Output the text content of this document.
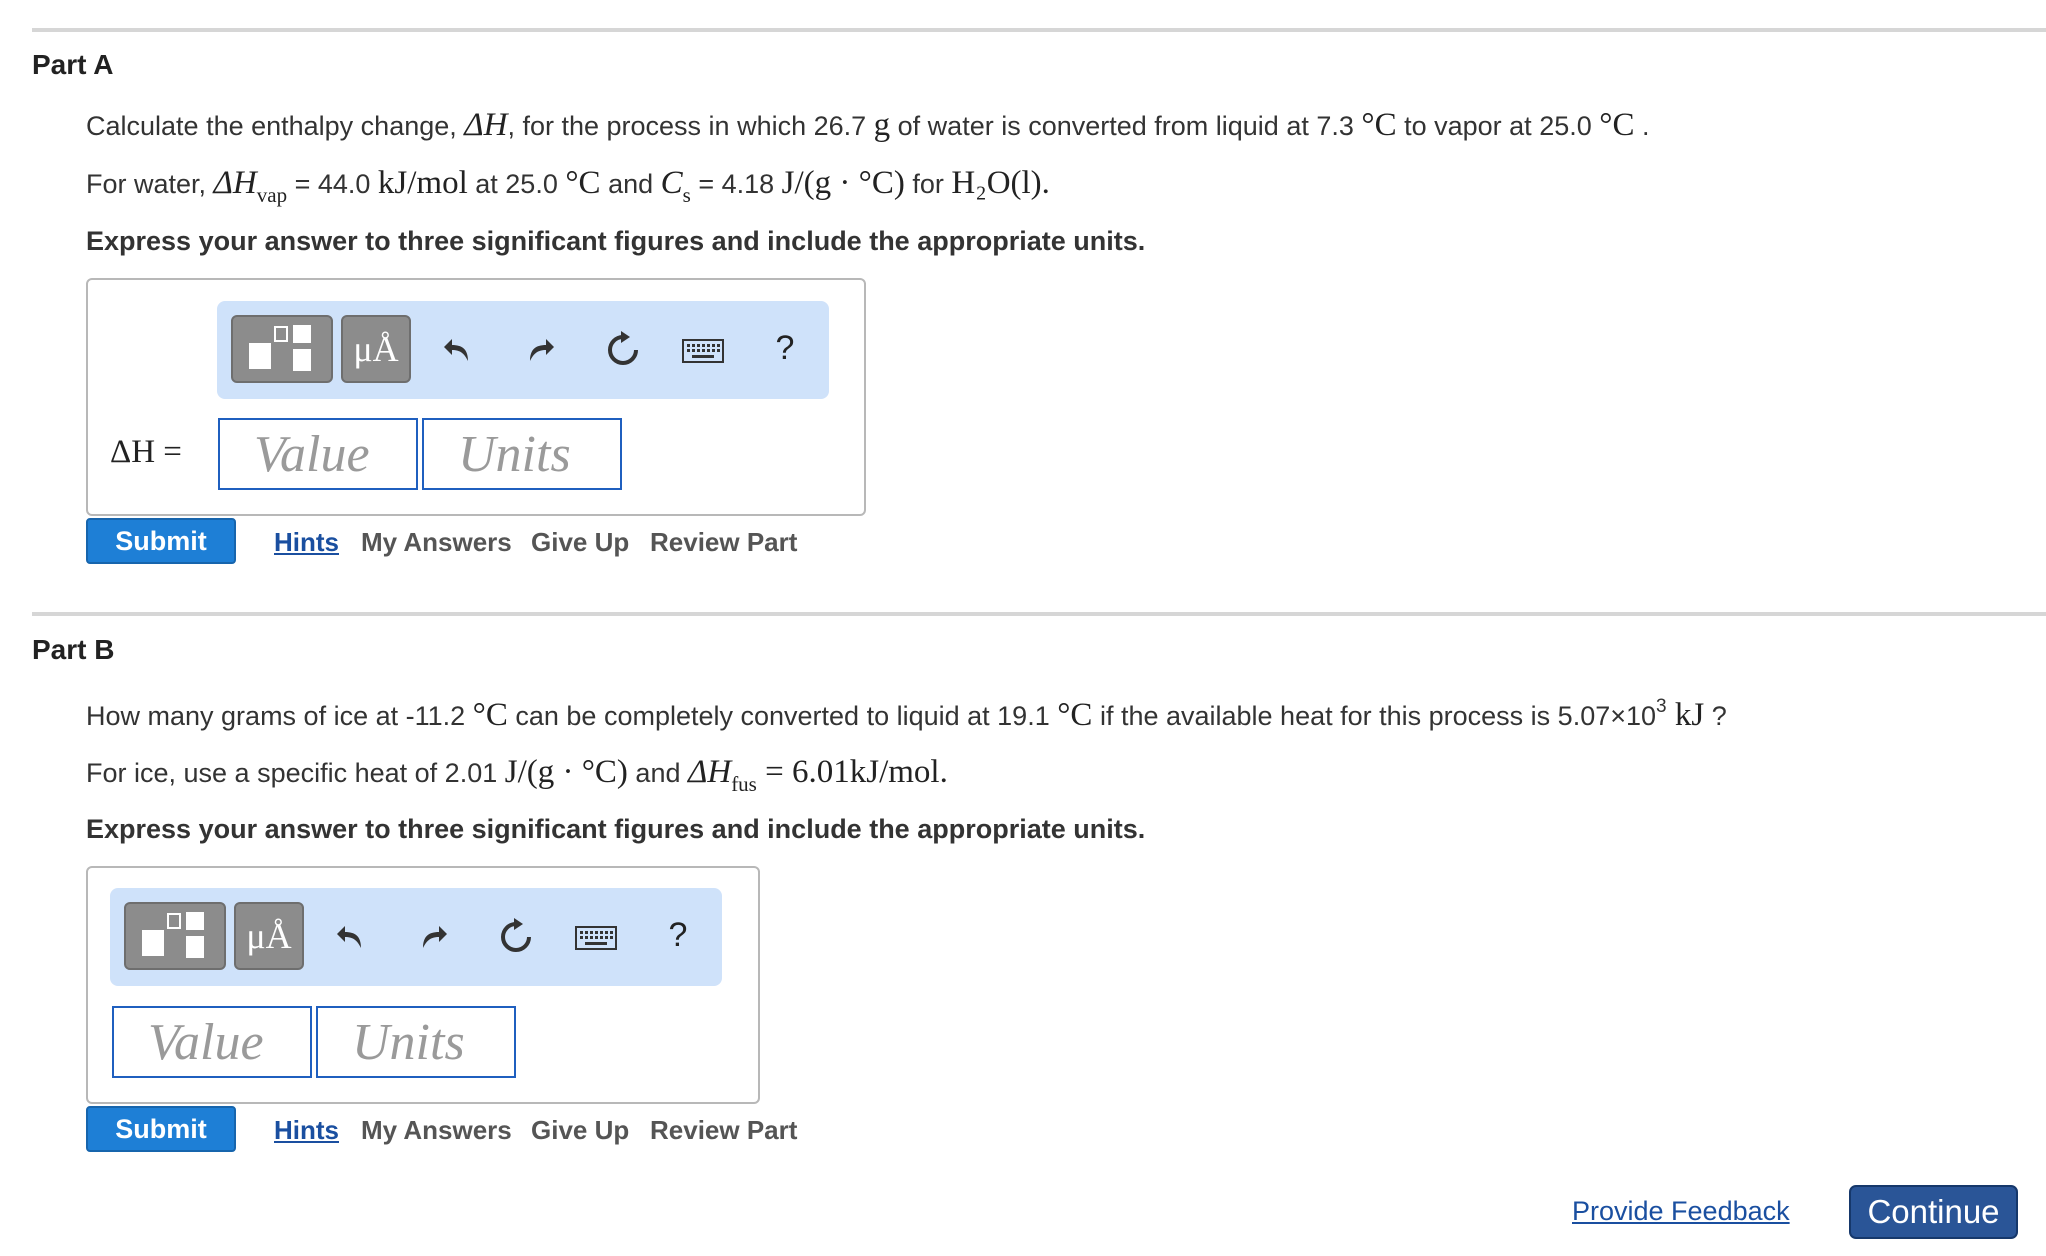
Part A
Calculate the enthalpy change, ΔH, for the process in which 26.7 g of water is converted from liquid at 7.3 °C to vapor at 25.0 °C .
For water, $\Delta H_{vap} = 44.0$ kJ/mol at 25.0 °C and $C_s = 4.18$ J/(g · °C) for H₂O(l).
Express your answer to three significant figures and include the appropriate units.
μÅ	?
ΔH =
Value
Units
Submit	Hints My Answers Give Up Review Part
Part B
How many grams of ice at -11.2 °C can be completely converted to liquid at 19.1 °C if the available heat for this process is $5.07\times 10^3$ kJ ?
For ice, use a specific heat of 2.01 J/(g · °C) and $\Delta H_{fus} = 6.01kJ/mol$.
Express your answer to three significant figures and include the appropriate units.
μÅ	?
Value
Units
Submit	Hints My Answers Give Up Review Part
Provide Feedback	Continue
